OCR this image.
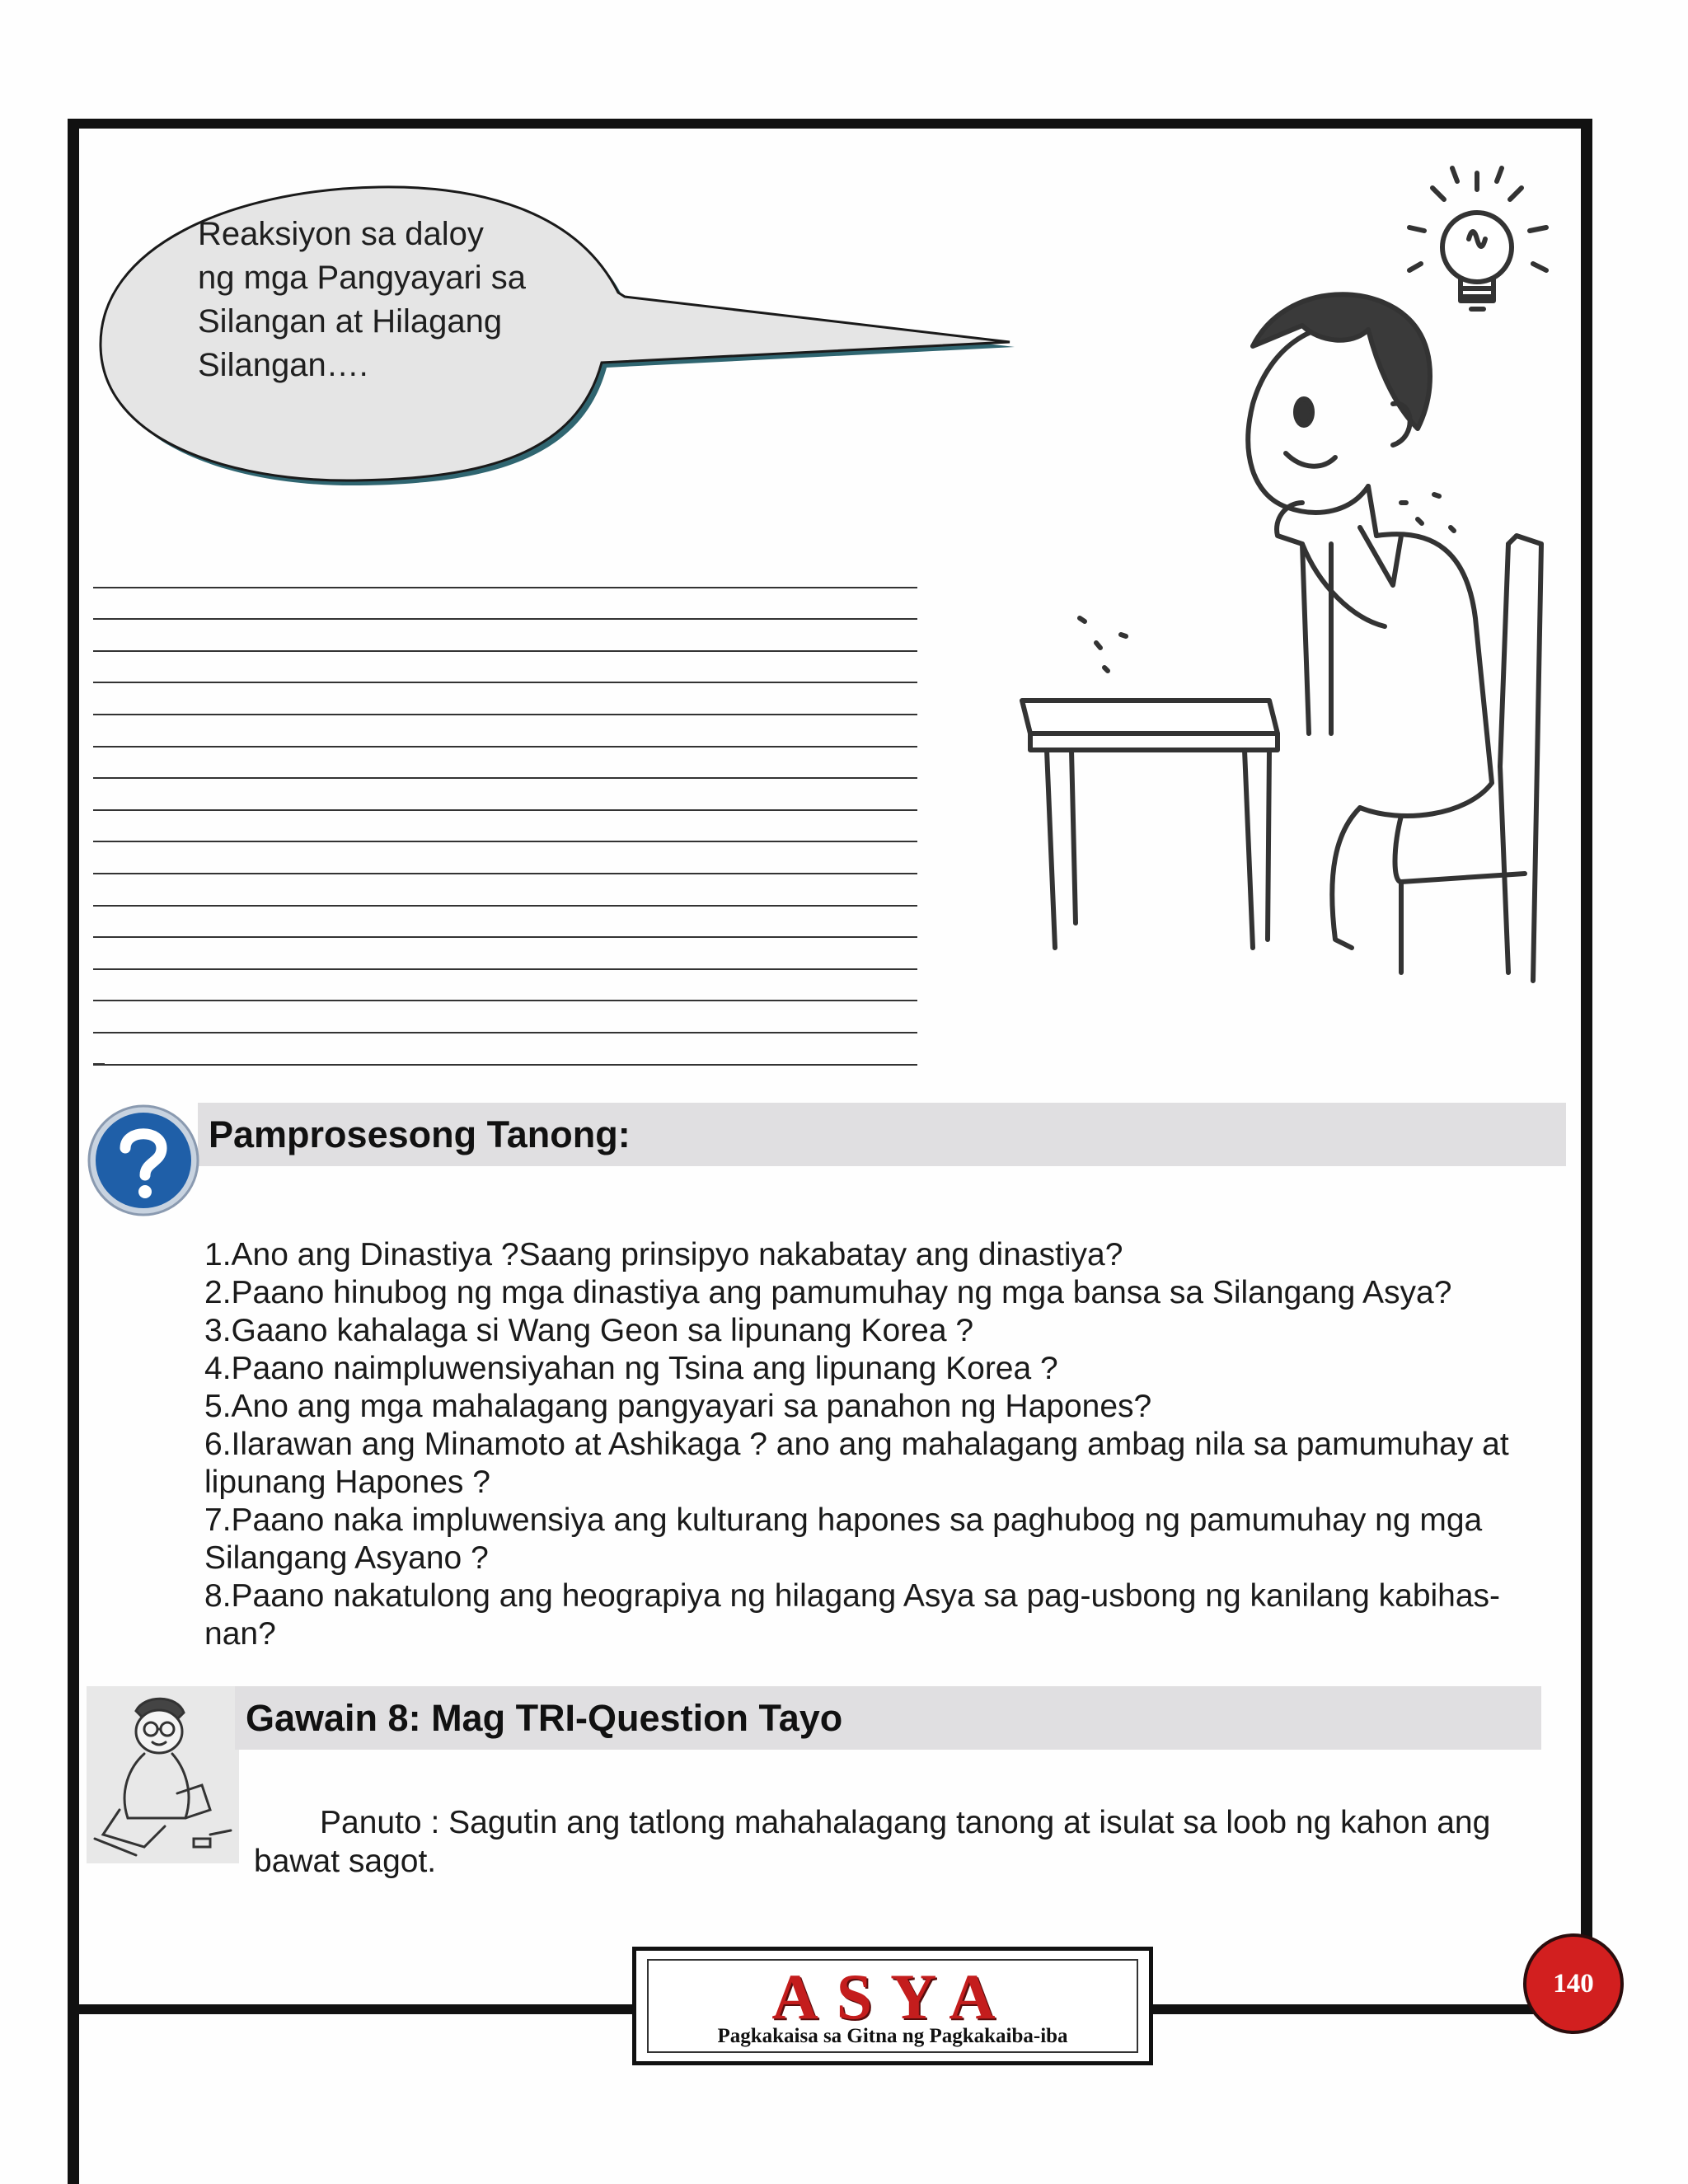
Reaksiyon sa daloy
ng mga Pangyayari sa
Silangan at Hilagang
Silangan….
Pamprosesong Tanong:

1.Ano ang Dinastiya ?Saang prinsipyo nakabatay ang dinastiya?

2.Paano hinubog ng mga dinastiya ang pamumuhay ng mga bansa sa Silangang Asya?

3.Gaano kahalaga si Wang Geon sa lipunang Korea ?

4.Paano naimpluwensiyahan ng Tsina ang lipunang Korea ?

5.Ano ang mga mahalagang pangyayari sa panahon ng Hapones?

6.Ilarawan ang Minamoto at Ashikaga ? ano ang mahalagang ambag nila sa pamumuhay at lipunang Hapones ?

7.Paano naka impluwensiya ang kulturang hapones sa paghubog ng pamumuhay ng mga Silangang Asyano ?

8.Paano nakatulong ang heograpiya ng hilagang Asya sa pag-usbong ng kanilang kabihas-nan?

Gawain 8: Mag TRI-Question Tayo
Panuto : Sagutin ang tatlong mahahalagang tanong at isulat sa loob ng kahon ang bawat sagot.
ASYA
Pagkakaisa sa Gitna ng Pagkakaiba-iba
140
